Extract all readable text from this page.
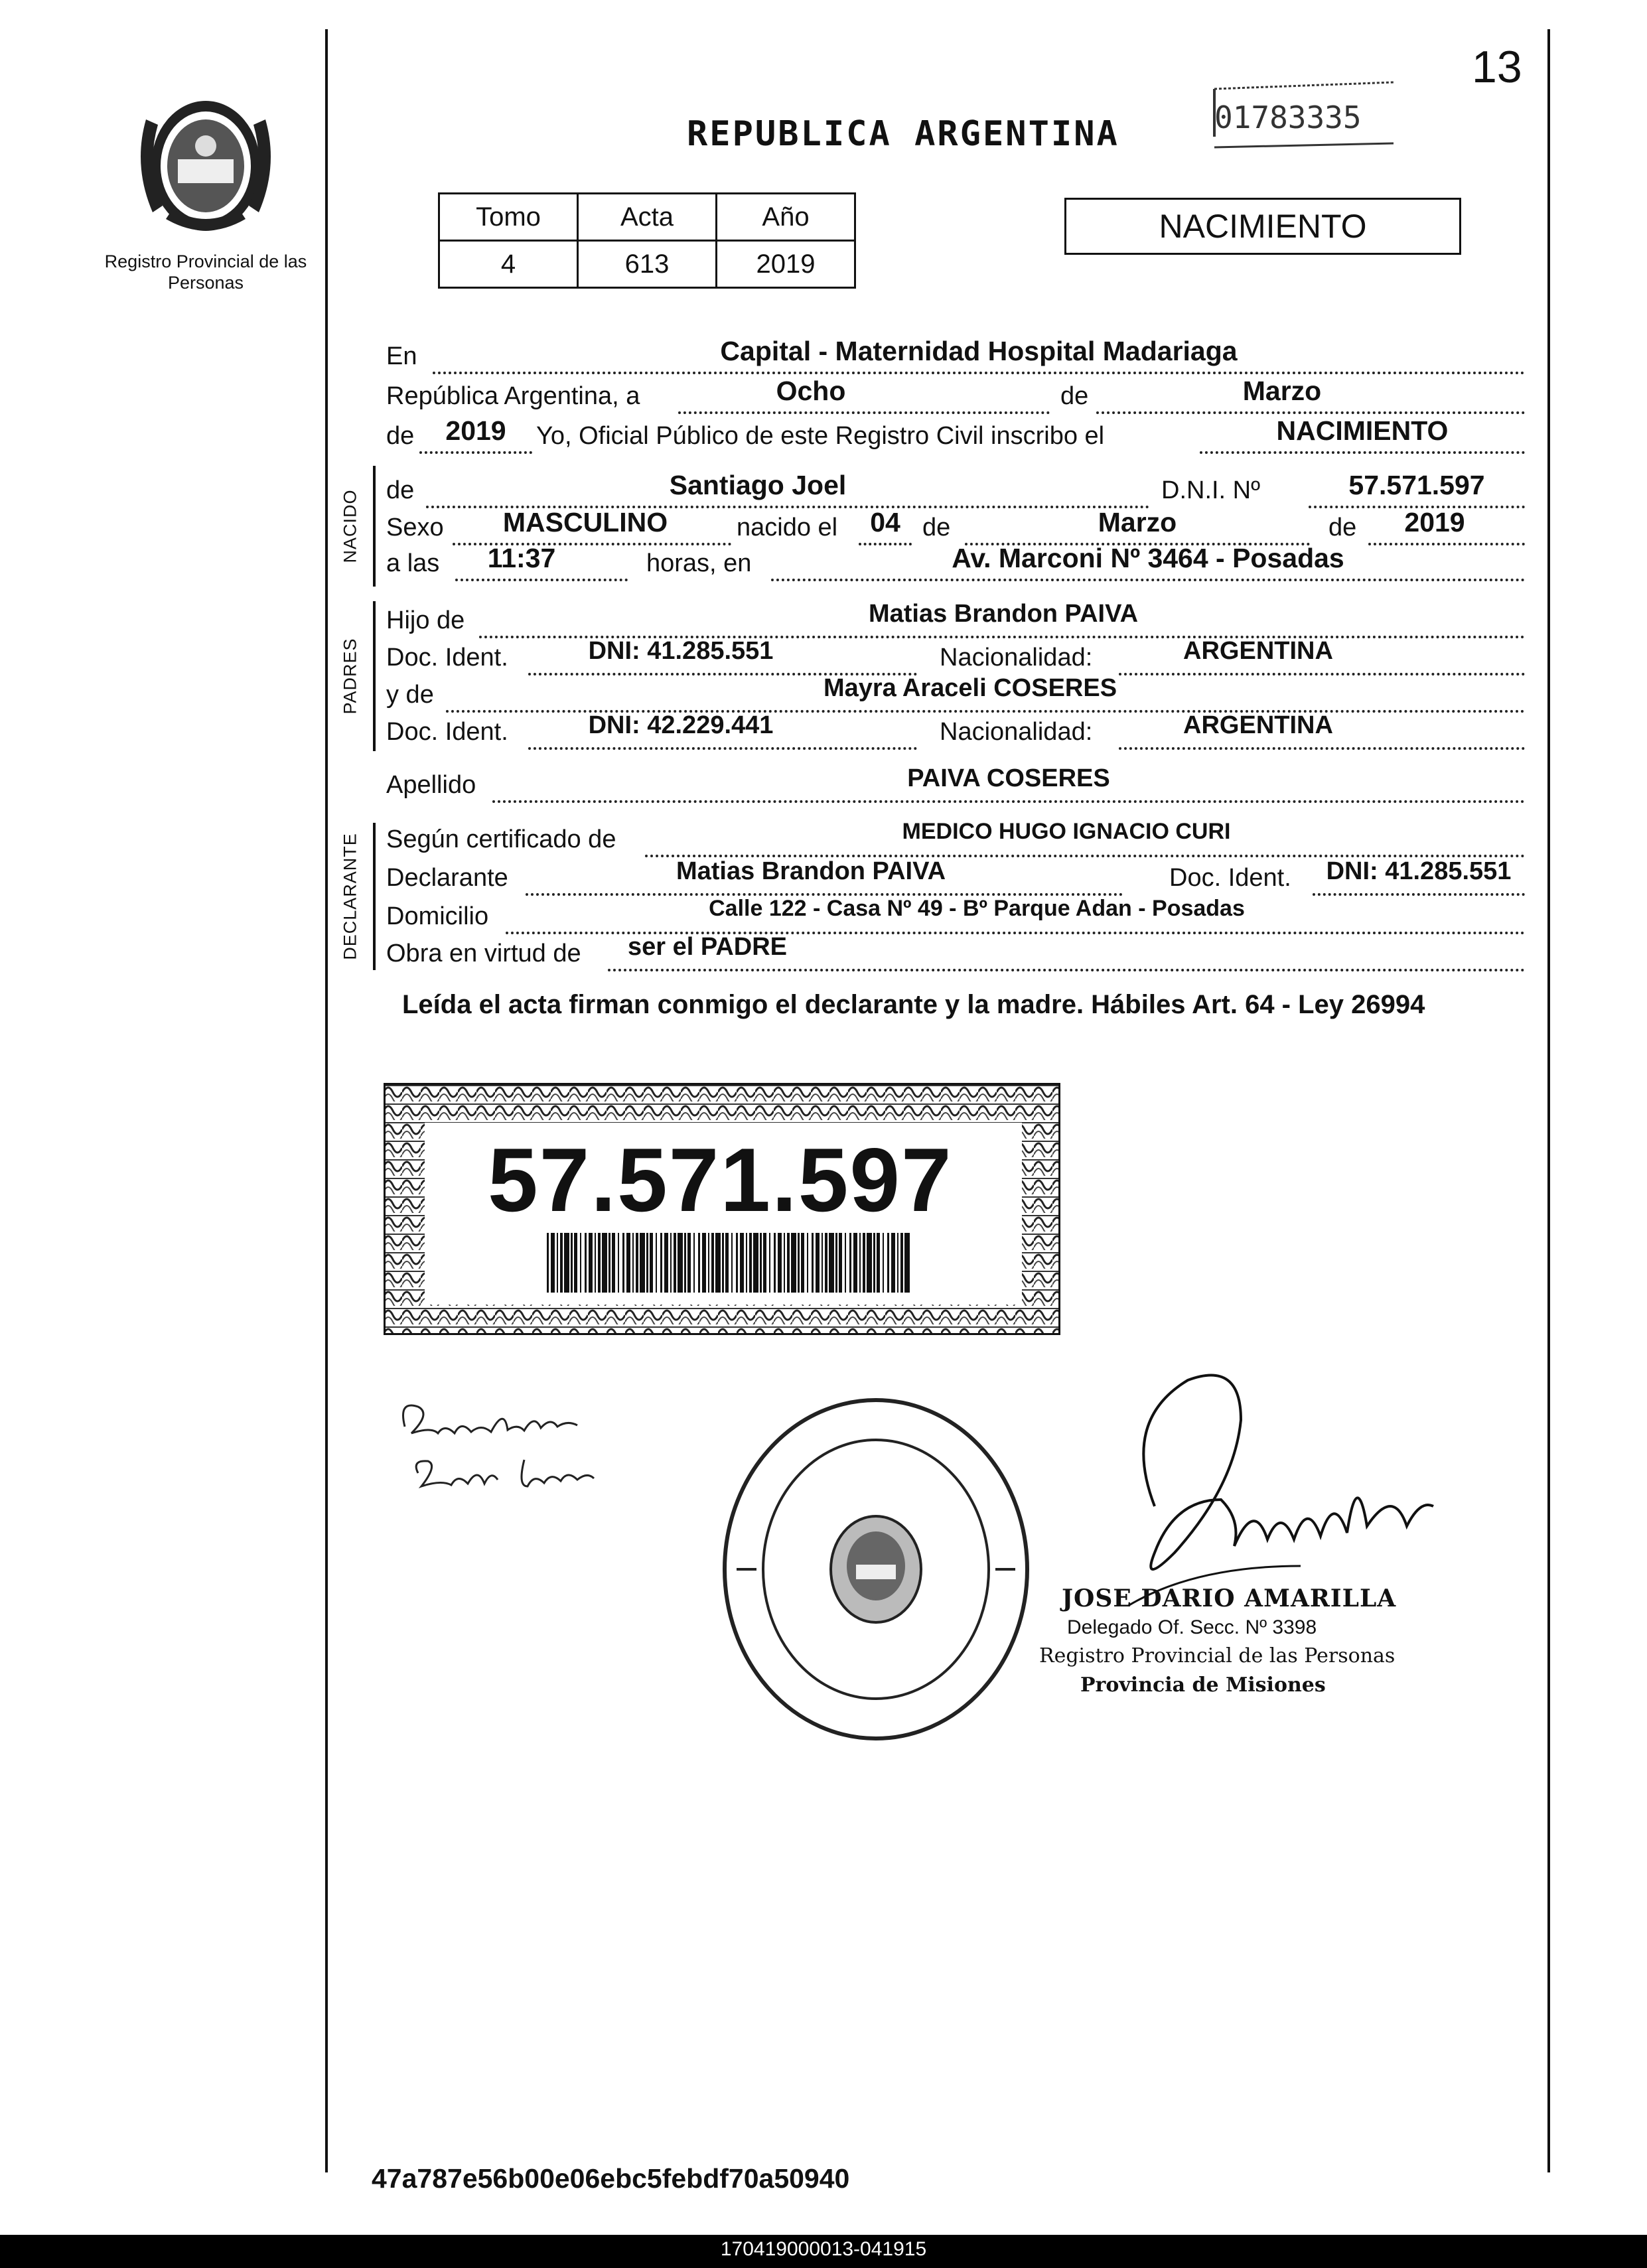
13
Registro Provincial de las Personas
REPUBLICA ARGENTINA	01783335
Tomo	Acta	Año
4	613	2019
NACIMIENTO
En	Capital - Maternidad Hospital Madariaga
República Argentina, a	Ocho	de	Marzo
de	2019	Yo, Oficial Público de este Registro Civil inscribo el	NACIMIENTO
NACIDO de	Santiago Joel	D.N.I. Nº	57.571.597
Sexo	MASCULINO	nacido el	04 de	Marzo	de	2019
a las	11:37	horas, en	Av. Marconi Nº 3464 - Posadas
PADRES
Hijo de	Matias Brandon PAIVA
Doc. Ident.	DNI: 41.285.551	Nacionalidad:	ARGENTINA
y de	Mayra Araceli COSERES
Doc. Ident.	DNI: 42.229.441	Nacionalidad:	ARGENTINA
Apellido	PAIVA COSERES
DECLARANTE Según certificado de	MEDICO HUGO IGNACIO CURI
Declarante	Matias Brandon PAIVA	Doc. Ident.	DNI: 41.285.551
Domicilio	Calle 122 - Casa Nº 49 - Bº Parque Adan - Posadas
Obra en virtud de	ser el PADRE
Leída el acta firman conmigo el declarante y la madre. Hábiles Art. 64 - Ley 26994
57.571.597
JOSE DARIO AMARILLA
Delegado Of. Secc. Nº 3398
Registro Provincial de las Personas
Provincia de Misiones
47a787e56b00e06ebc5febdf70a50940
170419000013-041915
